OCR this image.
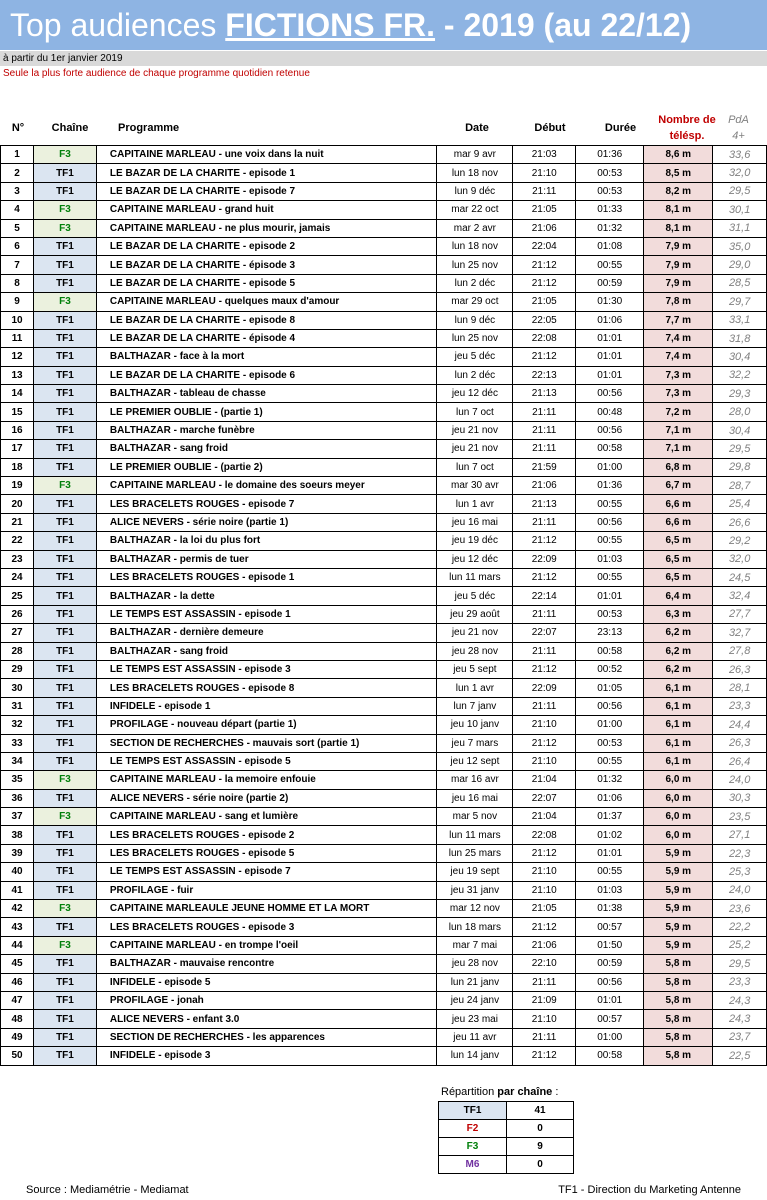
Top audiences FICTIONS FR. - 2019 (au 22/12)
à partir du 1er janvier 2019
Seule la plus forte audience de chaque programme quotidien retenue
N°	Chaîne	Programme	Date	Début	Durée
Nombre de
télésp.
PdA
4+
1	F3	CAPITAINE MARLEAU - une voix dans la nuit	mar 9 avr	21:03	01:36	8,6 m	33,6
2	TF1	LE BAZAR DE LA CHARITE - episode 1	lun 18 nov	21:10	00:53	8,5 m	32,0
3	TF1	LE BAZAR DE LA CHARITE - episode 7	lun 9 déc	21:11	00:53	8,2 m	29,5
4	F3	CAPITAINE MARLEAU - grand huit	mar 22 oct	21:05	01:33	8,1 m	30,1
5	F3	CAPITAINE MARLEAU - ne plus mourir, jamais	mar 2 avr	21:06	01:32	8,1 m	31,1
6	TF1	LE BAZAR DE LA CHARITE - episode 2	lun 18 nov	22:04	01:08	7,9 m	35,0
7	TF1	LE BAZAR DE LA CHARITE - épisode 3	lun 25 nov	21:12	00:55	7,9 m	29,0
8	TF1	LE BAZAR DE LA CHARITE - episode 5	lun 2 déc	21:12	00:59	7,9 m	28,5
9	F3	CAPITAINE MARLEAU - quelques maux d'amour	mar 29 oct	21:05	01:30	7,8 m	29,7
10	TF1	LE BAZAR DE LA CHARITE - episode 8	lun 9 déc	22:05	01:06	7,7 m	33,1
11	TF1	LE BAZAR DE LA CHARITE - épisode 4	lun 25 nov	22:08	01:01	7,4 m	31,8
12	TF1	BALTHAZAR - face à la mort	jeu 5 déc	21:12	01:01	7,4 m	30,4
13	TF1	LE BAZAR DE LA CHARITE - episode 6	lun 2 déc	22:13	01:01	7,3 m	32,2
14	TF1	BALTHAZAR - tableau de chasse	jeu 12 déc	21:13	00:56	7,3 m	29,3
15	TF1	LE PREMIER OUBLIE - (partie 1)	lun 7 oct	21:11	00:48	7,2 m	28,0
16	TF1	BALTHAZAR - marche funèbre	jeu 21 nov	21:11	00:56	7,1 m	30,4
17	TF1	BALTHAZAR - sang froid	jeu 21 nov	21:11	00:58	7,1 m	29,5
18	TF1	LE PREMIER OUBLIE - (partie 2)	lun 7 oct	21:59	01:00	6,8 m	29,8
19	F3	CAPITAINE MARLEAU - le domaine des soeurs meyer	mar 30 avr	21:06	01:36	6,7 m	28,7
20	TF1	LES BRACELETS ROUGES - episode 7	lun 1 avr	21:13	00:55	6,6 m	25,4
21	TF1	ALICE NEVERS - série noire (partie 1)	jeu 16 mai	21:11	00:56	6,6 m	26,6
22	TF1	BALTHAZAR - la loi du plus fort	jeu 19 déc	21:12	00:55	6,5 m	29,2
23	TF1	BALTHAZAR - permis de tuer	jeu 12 déc	22:09	01:03	6,5 m	32,0
24	TF1	LES BRACELETS ROUGES - episode 1	lun 11 mars	21:12	00:55	6,5 m	24,5
25	TF1	BALTHAZAR - la dette	jeu 5 déc	22:14	01:01	6,4 m	32,4
26	TF1	LE TEMPS EST ASSASSIN - episode 1	jeu 29 août	21:11	00:53	6,3 m	27,7
27	TF1	BALTHAZAR - dernière demeure	jeu 21 nov	22:07	23:13	6,2 m	32,7
28	TF1	BALTHAZAR - sang froid	jeu 28 nov	21:11	00:58	6,2 m	27,8
29	TF1	LE TEMPS EST ASSASSIN - episode 3	jeu 5 sept	21:12	00:52	6,2 m	26,3
30	TF1	LES BRACELETS ROUGES - episode 8	lun 1 avr	22:09	01:05	6,1 m	28,1
31	TF1	INFIDELE - episode 1	lun 7 janv	21:11	00:56	6,1 m	23,3
32	TF1	PROFILAGE - nouveau départ (partie 1)	jeu 10 janv	21:10	01:00	6,1 m	24,4
33	TF1	SECTION DE RECHERCHES - mauvais sort (partie 1)	jeu 7 mars	21:12	00:53	6,1 m	26,3
34	TF1	LE TEMPS EST ASSASSIN - episode 5	jeu 12 sept	21:10	00:55	6,1 m	26,4
35	F3	CAPITAINE MARLEAU - la memoire enfouie	mar 16 avr	21:04	01:32	6,0 m	24,0
36	TF1	ALICE NEVERS - série noire (partie 2)	jeu 16 mai	22:07	01:06	6,0 m	30,3
37	F3	CAPITAINE MARLEAU - sang et lumière	mar 5 nov	21:04	01:37	6,0 m	23,5
38	TF1	LES BRACELETS ROUGES - episode 2	lun 11 mars	22:08	01:02	6,0 m	27,1
39	TF1	LES BRACELETS ROUGES - episode 5	lun 25 mars	21:12	01:01	5,9 m	22,3
40	TF1	LE TEMPS EST ASSASSIN - episode 7	jeu 19 sept	21:10	00:55	5,9 m	25,3
41	TF1	PROFILAGE - fuir	jeu 31 janv	21:10	01:03	5,9 m	24,0
42	F3	CAPITAINE MARLEAULE JEUNE HOMME ET LA MORT	mar 12 nov	21:05	01:38	5,9 m	23,6
43	TF1	LES BRACELETS ROUGES - episode 3	lun 18 mars	21:12	00:57	5,9 m	22,2
44	F3	CAPITAINE MARLEAU - en trompe l'oeil	mar 7 mai	21:06	01:50	5,9 m	25,2
45	TF1	BALTHAZAR - mauvaise rencontre	jeu 28 nov	22:10	00:59	5,8 m	29,5
46	TF1	INFIDELE - episode 5	lun 21 janv	21:11	00:56	5,8 m	23,3
47	TF1	PROFILAGE - jonah	jeu 24 janv	21:09	01:01	5,8 m	24,3
48	TF1	ALICE NEVERS - enfant 3.0	jeu 23 mai	21:10	00:57	5,8 m	24,3
49	TF1	SECTION DE RECHERCHES - les apparences	jeu 11 avr	21:11	01:00	5,8 m	23,7
50	TF1	INFIDELE - episode 3	lun 14 janv	21:12	00:58	5,8 m	22,5
Répartition par chaîne :
TF1	41
F2	0
F3	9
M6	0
Source : Mediamétrie - Mediamat	TF1 - Direction du Marketing Antenne
